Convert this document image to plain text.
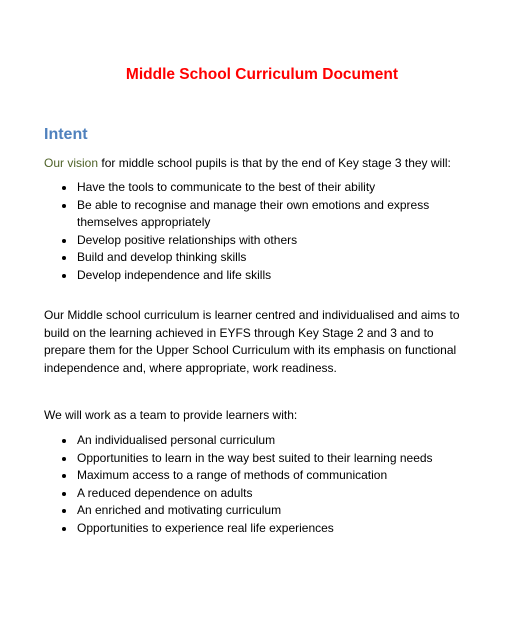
Middle School Curriculum Document
Intent

Our vision for middle school pupils is that by the end of Key stage 3 they will:

Have the tools to communicate to the best of their ability
Be able to recognise and manage their own emotions and express themselves appropriately
Develop positive relationships with others
Build and develop thinking skills
Develop independence and life skills

Our Middle school curriculum is learner centred and individualised and aims to

build on the learning achieved in EYFS through Key Stage 2 and 3 and to

prepare them for the Upper School Curriculum with its emphasis on functional

independence and, where appropriate, work readiness.

We will work as a team to provide learners with:

An individualised personal curriculum
Opportunities to learn in the way best suited to their learning needs
Maximum access to a range of methods of communication
A reduced dependence on adults
An enriched and motivating curriculum
Opportunities to experience real life experiences
